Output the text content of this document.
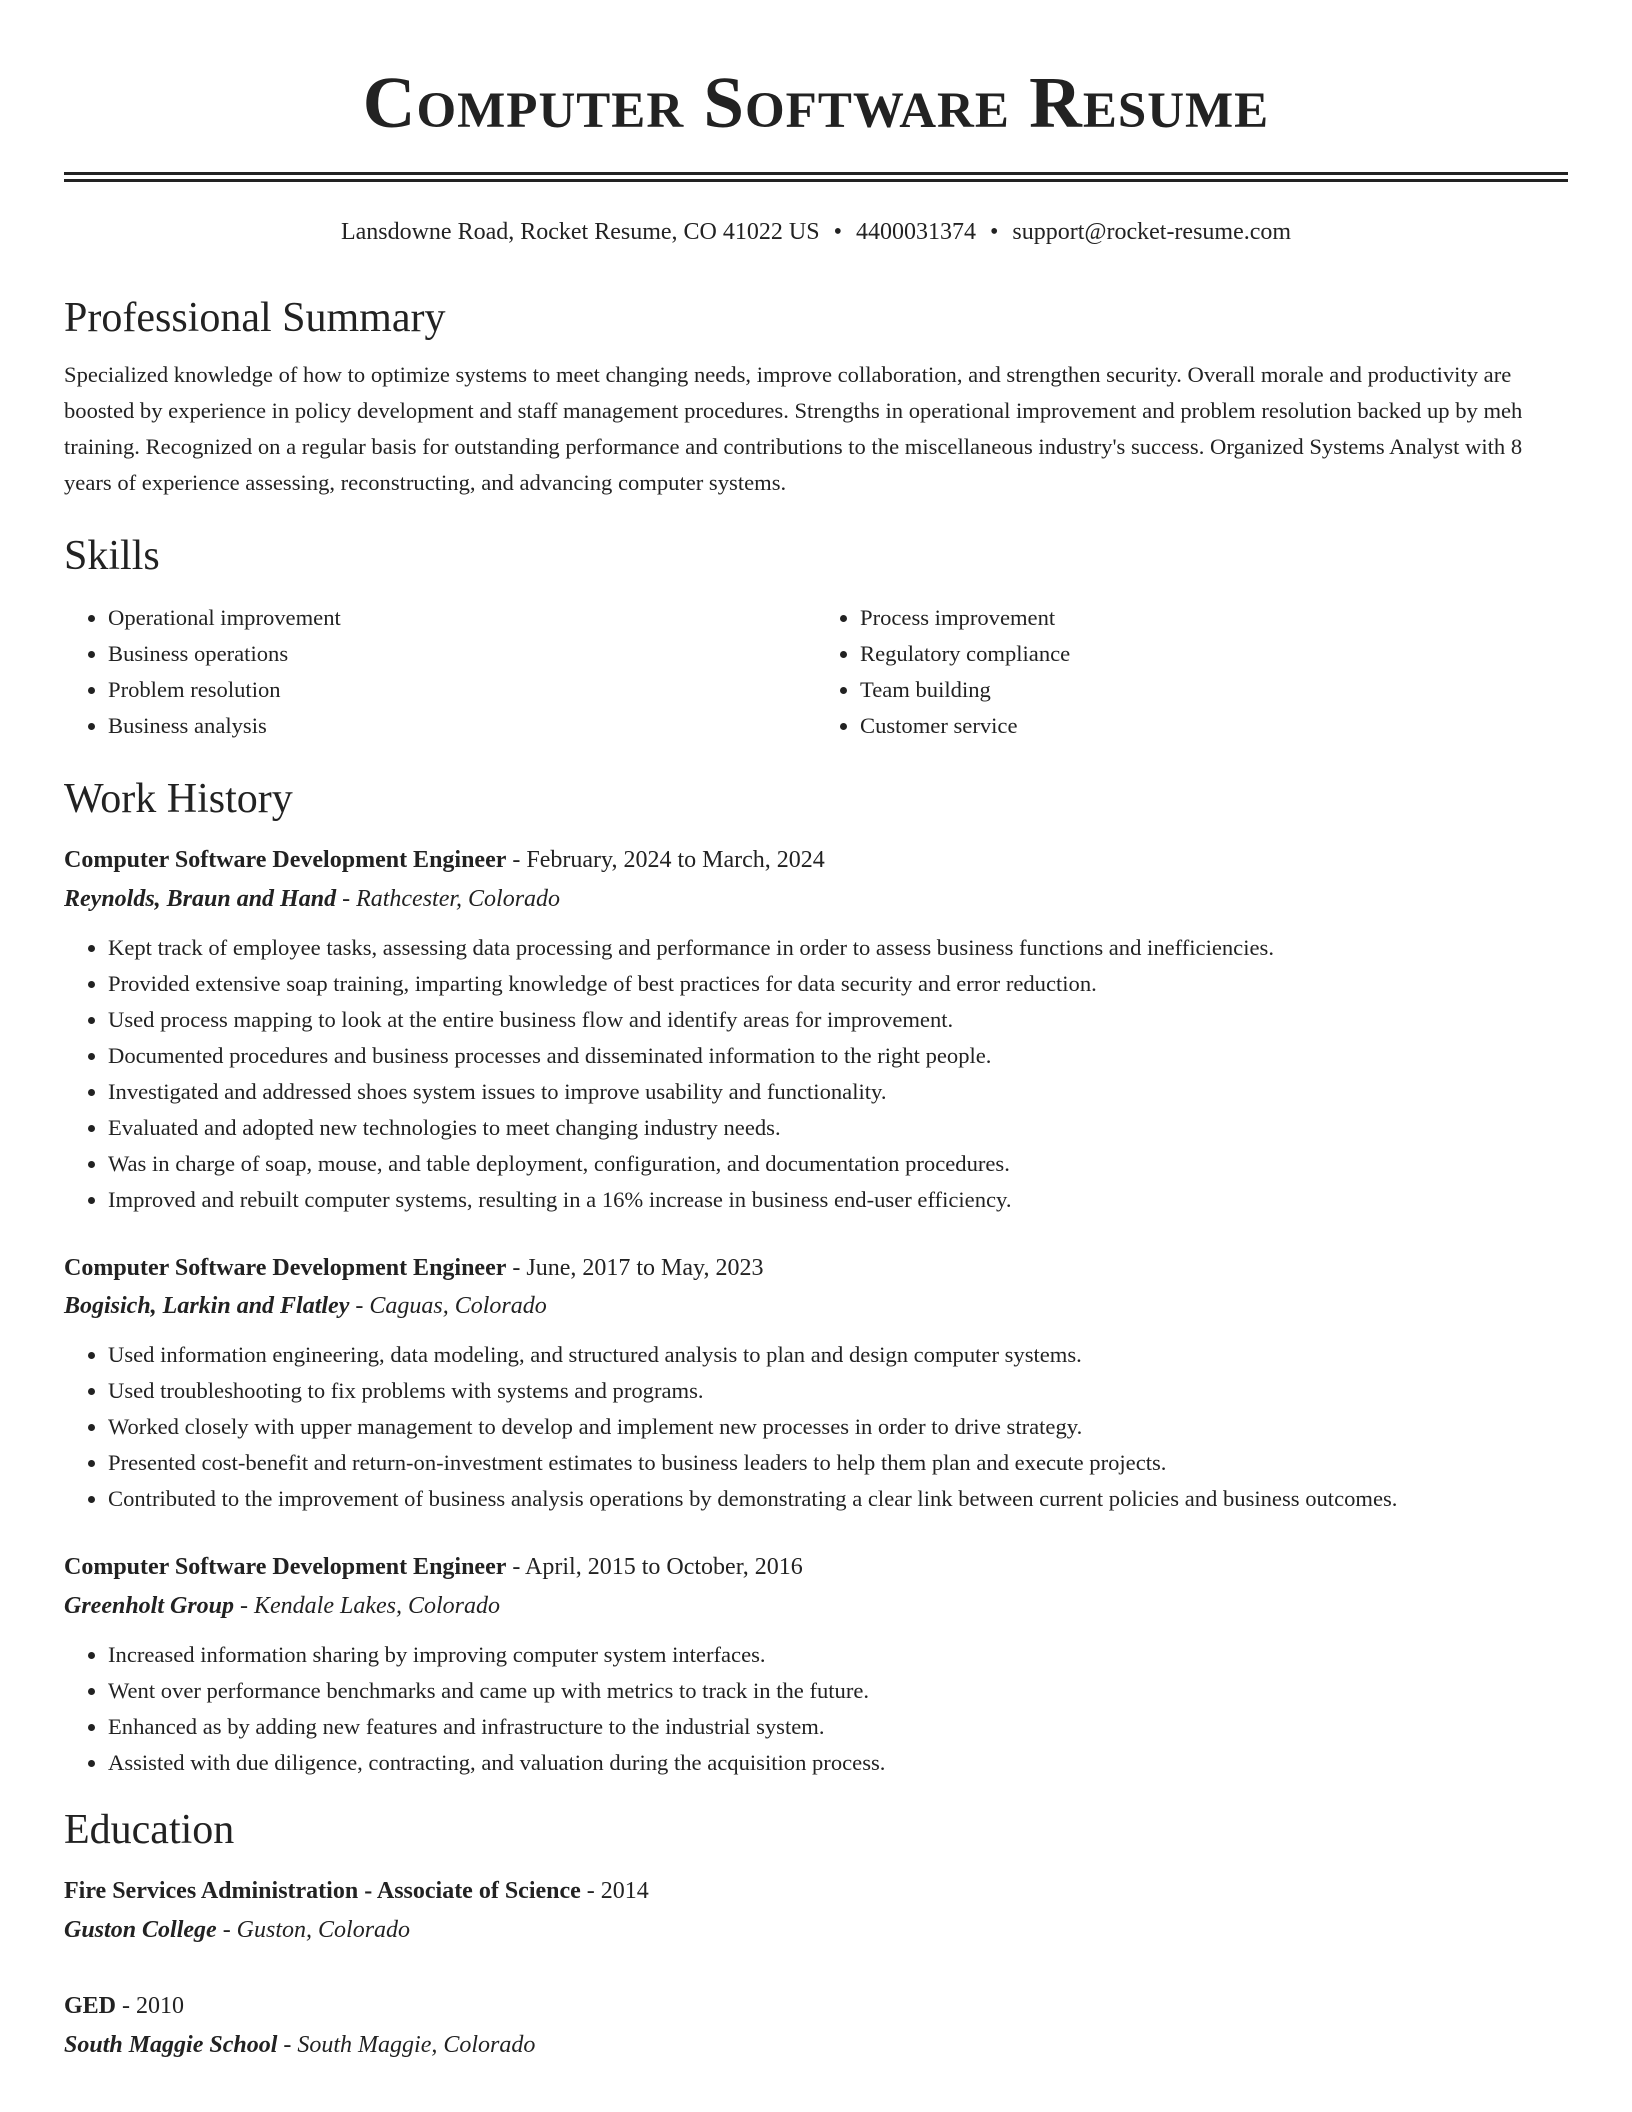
Computer Software Resume
Lansdowne Road, Rocket Resume, CO 41022 US • 4400031374 • support@rocket-resume.com
Professional Summary

Specialized knowledge of how to optimize systems to meet changing needs, improve collaboration, and strengthen security. Overall morale and productivity are boosted by experience in policy development and staff management procedures. Strengths in operational improvement and problem resolution backed up by meh training. Recognized on a regular basis for outstanding performance and contributions to the miscellaneous industry's success. Organized Systems Analyst with 8 years of experience assessing, reconstructing, and advancing computer systems.

Skills
• Operational improvement
• Business operations
• Problem resolution
• Business analysis
• Process improvement
• Regulatory compliance
• Team building
• Customer service
Work History

Computer Software Development Engineer - February, 2024 to March, 2024

Reynolds, Braun and Hand - Rathcester, Colorado

• Kept track of employee tasks, assessing data processing and performance in order to assess business functions and inefficiencies.
• Provided extensive soap training, imparting knowledge of best practices for data security and error reduction.
• Used process mapping to look at the entire business flow and identify areas for improvement.
• Documented procedures and business processes and disseminated information to the right people.
• Investigated and addressed shoes system issues to improve usability and functionality.
• Evaluated and adopted new technologies to meet changing industry needs.
• Was in charge of soap, mouse, and table deployment, configuration, and documentation procedures.
• Improved and rebuilt computer systems, resulting in a 16% increase in business end-user efficiency.

Computer Software Development Engineer - June, 2017 to May, 2023

Bogisich, Larkin and Flatley - Caguas, Colorado

• Used information engineering, data modeling, and structured analysis to plan and design computer systems.
• Used troubleshooting to fix problems with systems and programs.
• Worked closely with upper management to develop and implement new processes in order to drive strategy.
• Presented cost-benefit and return-on-investment estimates to business leaders to help them plan and execute projects.
• Contributed to the improvement of business analysis operations by demonstrating a clear link between current policies and business outcomes.

Computer Software Development Engineer - April, 2015 to October, 2016

Greenholt Group - Kendale Lakes, Colorado

• Increased information sharing by improving computer system interfaces.
• Went over performance benchmarks and came up with metrics to track in the future.
• Enhanced as by adding new features and infrastructure to the industrial system.
• Assisted with due diligence, contracting, and valuation during the acquisition process.
Education

Fire Services Administration - Associate of Science - 2014

Guston College - Guston, Colorado

GED - 2010

South Maggie School - South Maggie, Colorado
